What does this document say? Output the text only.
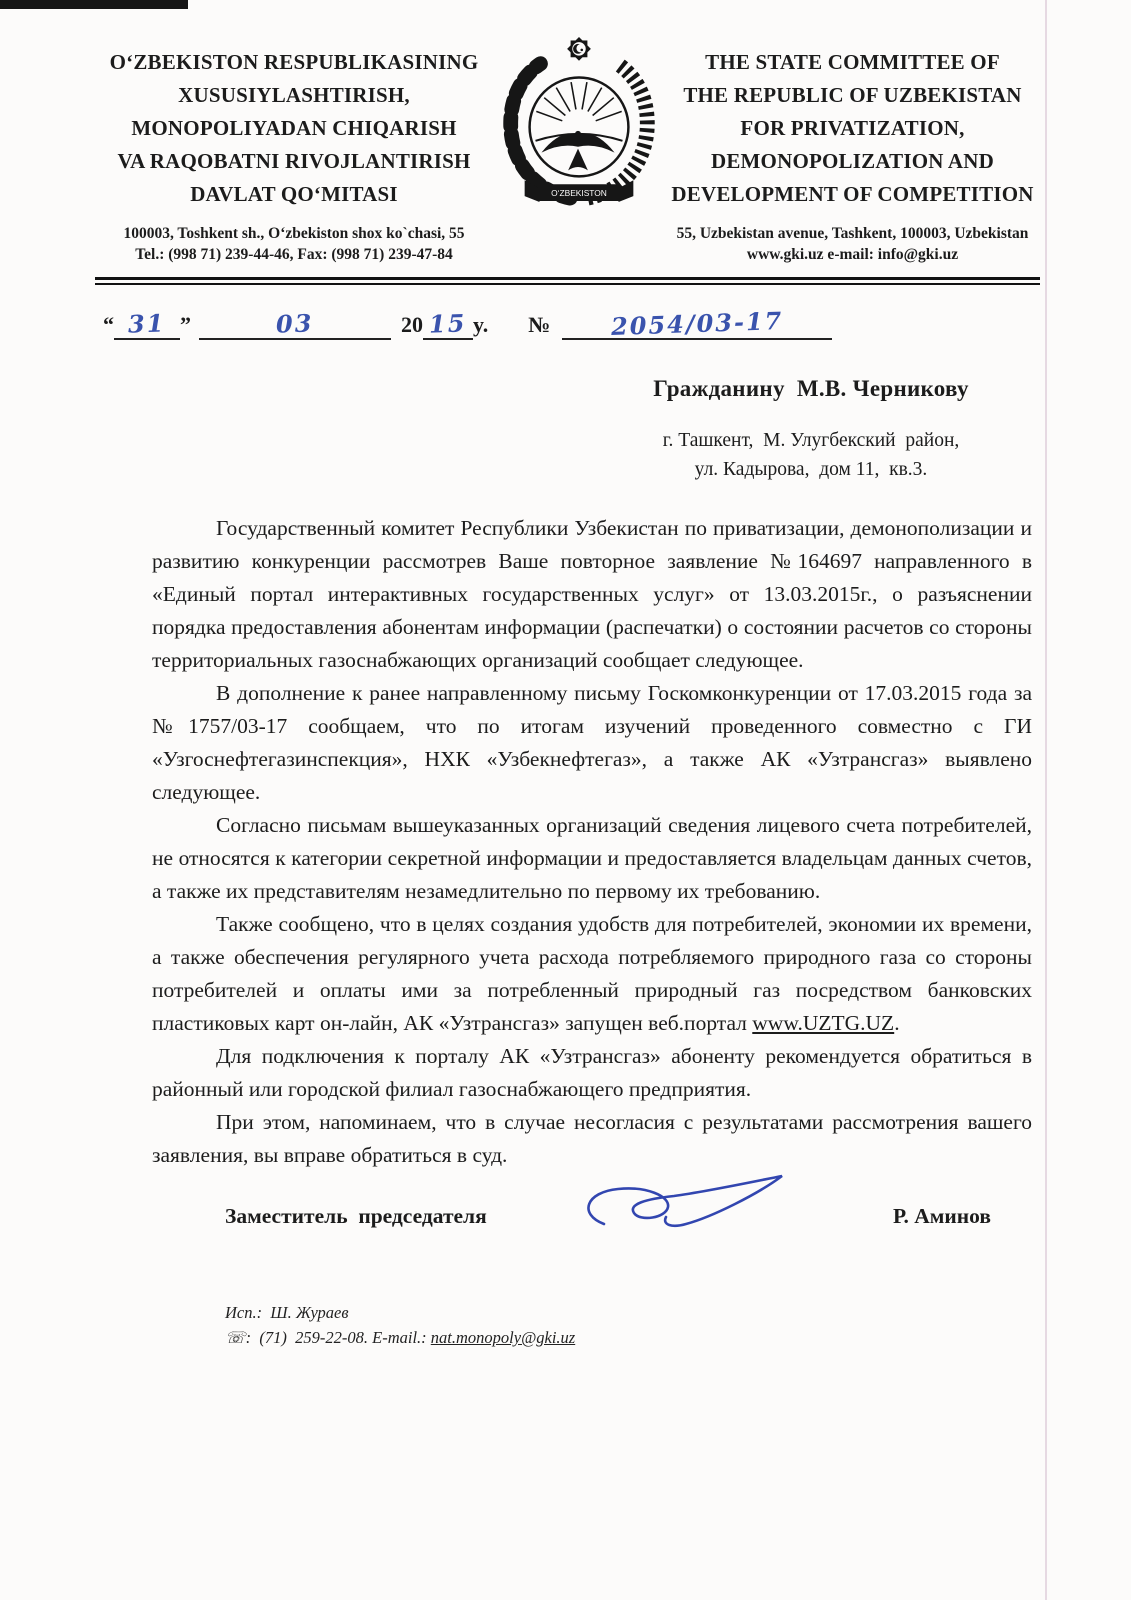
O‘ZBEKISTON RESPUBLIKASINING
XUSUSIYLASHTIRISH,
MONOPOLIYADAN CHIQARISH
VA RAQOBATNI RIVOJLANTIRISH
DAVLAT QO‘MITASI
100003, Toshkent sh., O‘zbekiston shox ko`chasi, 55
Tel.: (998 71) 239-44-46, Fax: (998 71) 239-47-84
O‘ZBEKISTON
THE STATE COMMITTEE OF
THE REPUBLIC OF UZBEKISTAN
FOR PRIVATIZATION,
DEMONOPOLIZATION AND
DEVELOPMENT OF COMPETITION
55, Uzbekistan avenue, Tashkent, 100003, Uzbekistan
www.gki.uz e-mail: info@gki.uz
“ 31 ”	03	20 15 y. №	2054/03-17
Гражданину  М.В. Черникову
г. Ташкент,  М. Улугбекский  район,
ул. Кадырова,  дом 11,  кв.3.

Государственный комитет Республики Узбекистан по приватизации, демонополизации и развитию конкуренции рассмотрев Ваше повторное заявление №164697 направленного в «Единый портал интерактивных государственных услуг» от 13.03.2015г., о разъяснении порядка предоставления абонентам информации (распечатки) о состоянии расчетов со стороны территориальных газоснабжающих организаций сообщает следующее.

В дополнение к ранее направленному письму Госкомконкуренции от 17.03.2015 года за №1757/03-17 сообщаем, что по итогам изучений проведенного совместно с ГИ «Узгоснефтегазинспекция», НХК «Узбекнефтегаз», а также АК «Узтрансгаз» выявлено следующее.

Согласно письмам вышеуказанных организаций сведения лицевого счета потребителей, не относятся к категории секретной информации и предоставляется владельцам данных счетов, а также их представителям незамедлительно по первому их требованию.

Также сообщено, что в целях создания удобств для потребителей, экономии их времени, а также обеспечения регулярного учета расхода потребляемого природного газа со стороны потребителей и оплаты ими за потребленный природный газ посредством банковских пластиковых карт он-лайн, АК «Узтрансгаз» запущен веб.портал www.UZTG.UZ.

Для подключения к порталу АК «Узтрансгаз» абоненту рекомендуется обратиться в районный или городской филиал газоснабжающего предприятия.

При этом, напоминаем, что в случае несогласия с результатами рассмотрения вашего заявления, вы вправе обратиться в суд.

Заместитель  председателя	Р. Аминов
Исп.:  Ш. Жураев
☏:  (71)  259-22-08. E-mail.: nat.monopoly@gki.uz
